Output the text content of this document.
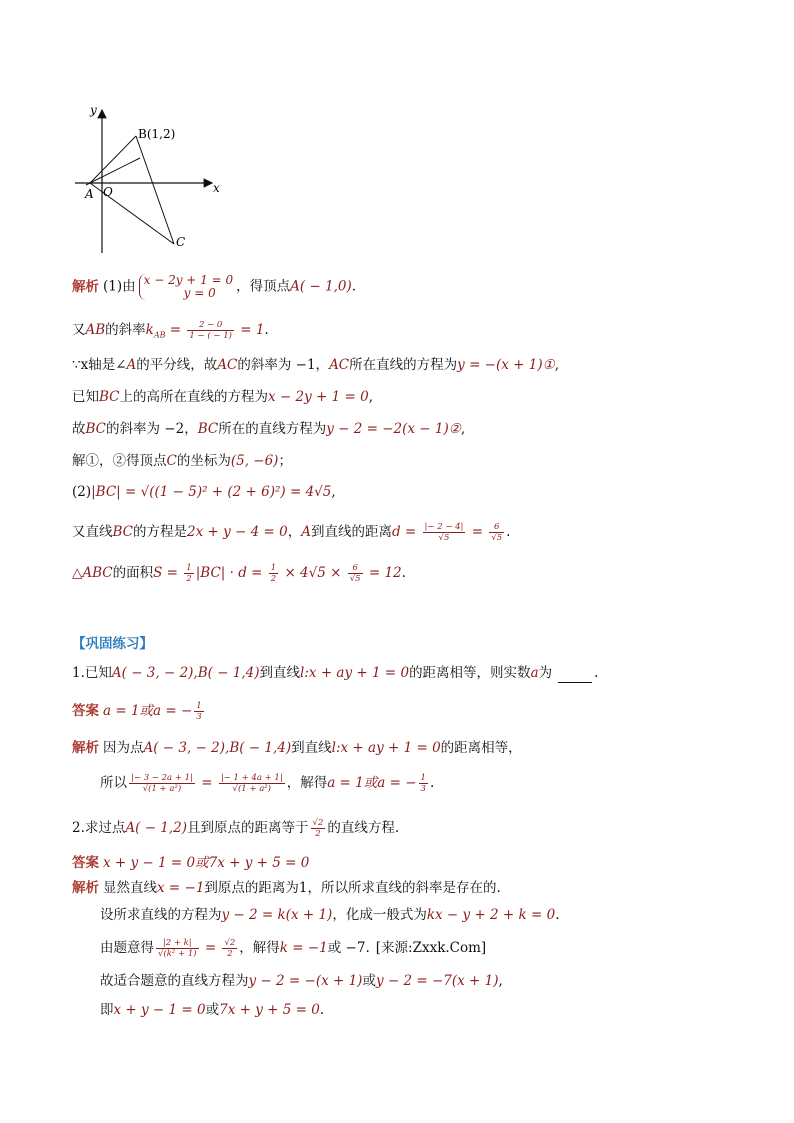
y
x
B(1,2)
A O
C
解析 (1)由 x − 2y + 1 = 0
y = 0	，得顶点A( − 1,0).
又AB的斜率$k_{AB} = \frac{2 - 0}{1 - ( - 1)} = 1$.
∵x轴是∠A的平分线，故AC的斜率为 −1，AC所在直线的方程为y = −(x + 1)①,
已知BC上的高所在直线的方程为x − 2y + 1 = 0,
故BC的斜率为 −2，BC所在的直线方程为y − 2 = −2(x − 1)②,
解①，②得顶点C的坐标为(5, −6)；
(2)|BC| = √((1 − 5)² + (2 + 6)²) = 4√5,
又直线BC的方程是2x + y − 4 = 0，A到直线的距离$d = \frac{|- 2 - 4|}{√5} = \frac{6}{√5}$ .
△ABC的面积$S = \frac{1}{2} |BC| \cdot d = \frac{1}{2} \times 4√5 \times \frac{6}{√5} = 12$.
【巩固练习】
1.已知A( − 3, − 2),B( − 1,4)到直线l:x + ay + 1 = 0的距离相等，则实数a为	.
答案 a = 1或a = − $\frac{1}{3}$
解析 因为点A( − 3, − 2),B( − 1,4)到直线l:x + ay + 1 = 0的距离相等，
所以 $\frac{|- 3 - 2a + 1|}{\text{√(1 + a²)}} = \frac{|- 1 + 4a + 1|}{\text{√(1 + a²)}}$ ，解得a = 1或a = − $\frac{1}{3}$ .
2.求过点A( − 1,2)且到原点的距离等于 $\frac{√2}{2}$ 的直线方程.
答案 x + y − 1 = 0或7x + y + 5 = 0
解析 显然直线x = −1到原点的距离为1，所以所求直线的斜率是存在的.
设所求直线的方程为y − 2 = k(x + 1)，化成一般式为kx − y + 2 + k = 0.
由题意得 $\frac{|2 + k|}{\text{√(k² + 1)}} = \frac{√2}{2}$ ，解得k = −1或 −7. [来源:Zxxk.Com]
故适合题意的直线方程为y − 2 = −(x + 1)或y − 2 = −7(x + 1),
即x + y − 1 = 0或7x + y + 5 = 0.
